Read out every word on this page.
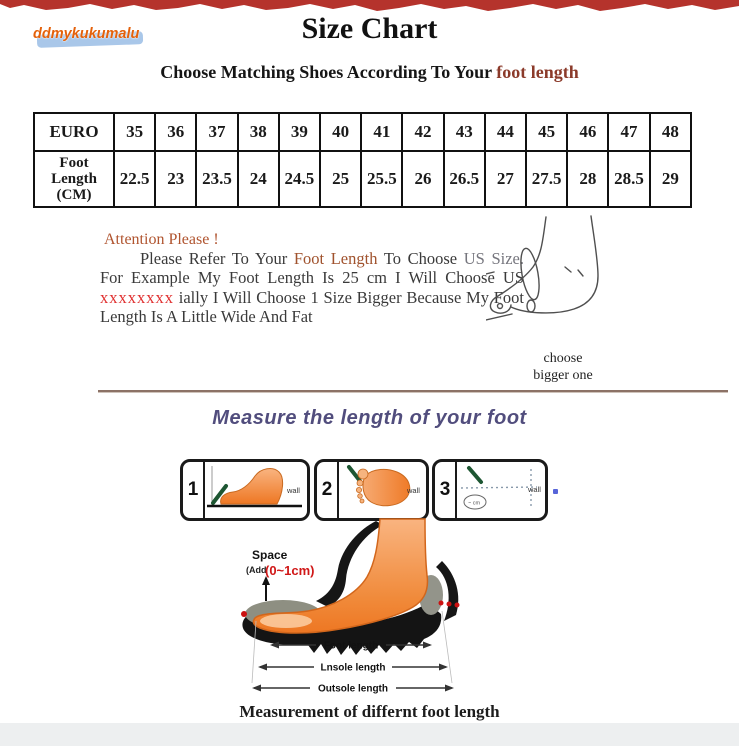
ddmykukumalu	Size Chart
Choose Matching Shoes According To Your foot length
EURO	35	36	37	38	39	40	41	42	43	44	45	46	47	48

Foot
Length
(CM)	22.5	23	23.5	24	24.5	25	25.5	26	26.5	27	27.5	28	28.5	29
Attention Please !
Please Refer To Your Foot Length To Choose US Size. For Example My Foot Length Is 25 cm I Will Choose US xxxxxxxx ially I Will Choose 1 Size Bigger Because My Foot Length Is A Little Wide And Fat
choose
bigger one
Measure the length of your foot
1	wall 2	wall 3
~ cm
wall
Space
(Add
(0~1cm)
Foot length
Lnsole length
Outsole length
Measurement of differnt foot length
